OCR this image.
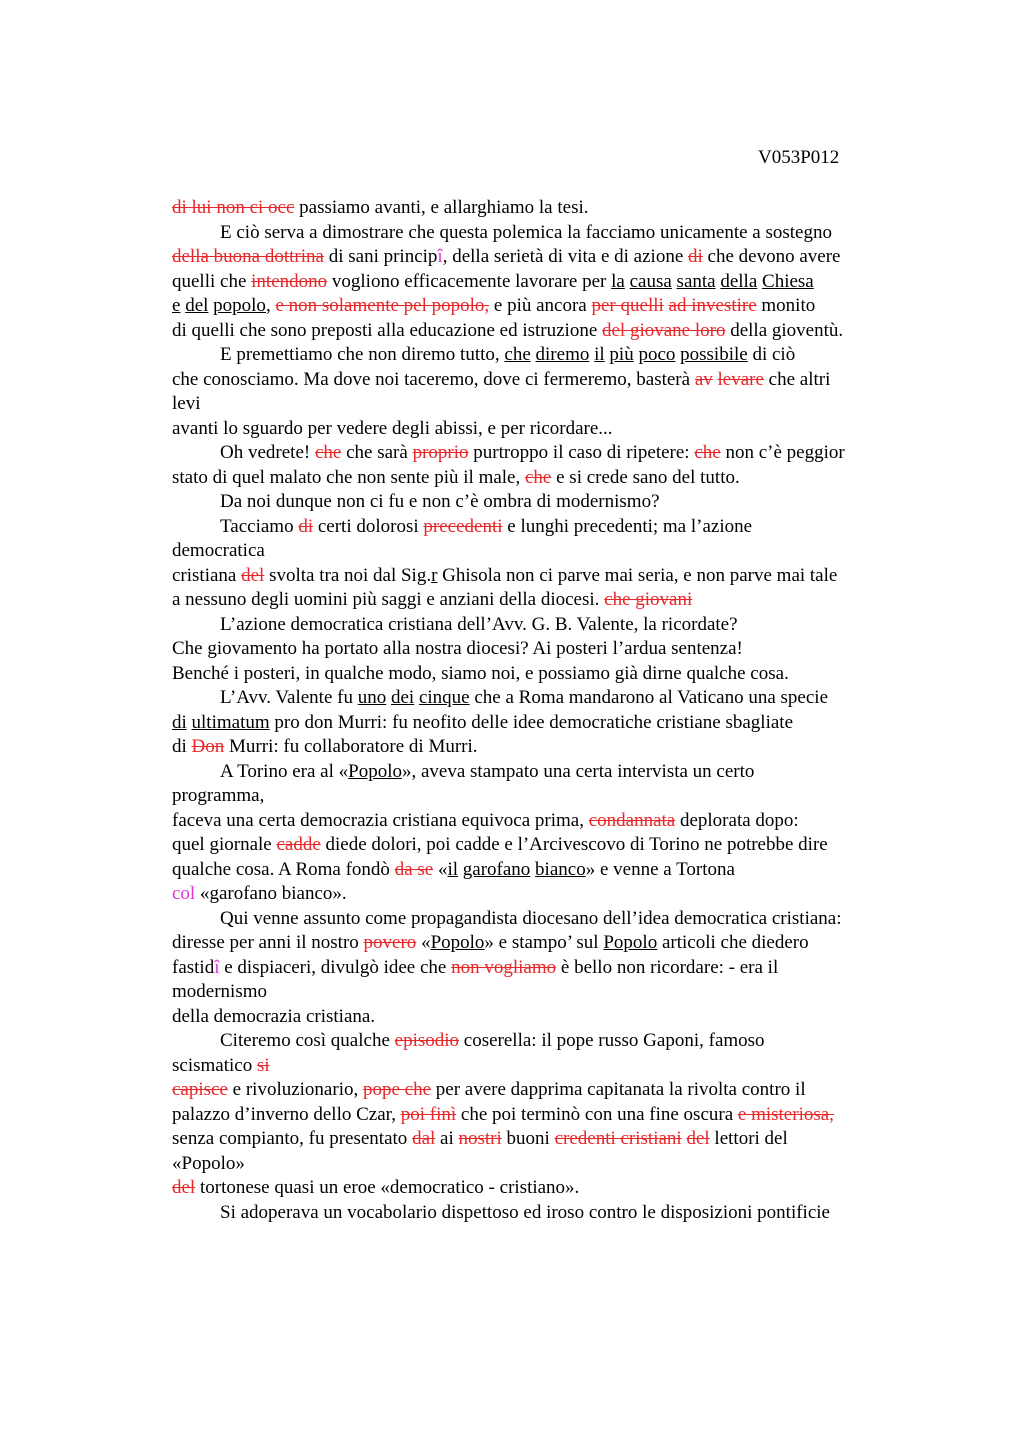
V053P012
di lui non ci occ passiamo avanti, e allarghiamo la tesi.
E ciò serva a dimostrare che questa polemica la facciamo unicamente a sostegno
della buona dottrina di sani principî, della serietà di vita e di azione di che devono avere
quelli che intendono vogliono efficacemente lavorare per la causa santa della Chiesa
e del popolo, e non solamente pel popolo, e più ancora per quelli ad investire monito
di quelli che sono preposti alla educazione ed istruzione del giovane loro della gioventù.
E premettiamo che non diremo tutto, che diremo il più poco possibile di ciò
che conosciamo. Ma dove noi taceremo, dove ci fermeremo, basterà av levare che altri
levi
avanti lo sguardo per vedere degli abissi, e per ricordare...
Oh vedrete! che che sarà proprio purtroppo il caso di ripetere: che non c’è peggior
stato di quel malato che non sente più il male, che e si crede sano del tutto.
Da noi dunque non ci fu e non c’è ombra di modernismo?
Tacciamo di certi dolorosi precedenti e lunghi precedenti; ma l’azione
democratica
cristiana del svolta tra noi dal Sig.r Ghisola non ci parve mai seria, e non parve mai tale
a nessuno degli uomini più saggi e anziani della diocesi. che giovani
L’azione democratica cristiana dell’Avv. G. B. Valente, la ricordate?
Che giovamento ha portato alla nostra diocesi? Ai posteri l’ardua sentenza!
Benché i posteri, in qualche modo, siamo noi, e possiamo già dirne qualche cosa.
L’Avv. Valente fu uno dei cinque che a Roma mandarono al Vaticano una specie
di ultimatum pro don Murri: fu neofito delle idee democratiche cristiane sbagliate
di Don Murri: fu collaboratore di Murri.
A Torino era al «Popolo», aveva stampato una certa intervista un certo
programma,
faceva una certa democrazia cristiana equivoca prima, condannata deplorata dopo:
quel giornale cadde diede dolori, poi cadde e l’Arcivescovo di Torino ne potrebbe dire
qualche cosa. A Roma fondò da se «il garofano bianco» e venne a Tortona
col «garofano bianco».
Qui venne assunto come propagandista diocesano dell’idea democratica cristiana:
diresse per anni il nostro povero «Popolo» e stampo’ sul Popolo articoli che diedero
fastidî e dispiaceri, divulgò idee che non vogliamo è bello non ricordare: - era il
modernismo
della democrazia cristiana.
Citeremo così qualche episodio coserella: il pope russo Gaponi, famoso
scismatico si
capisce e rivoluzionario, pope che per avere dapprima capitanata la rivolta contro il
palazzo d’inverno dello Czar, poi finì che poi terminò con una fine oscura e misteriosa,
senza compianto, fu presentato dal ai nostri buoni credenti cristiani del lettori del
«Popolo»
del tortonese quasi un eroe «democratico - cristiano».
Si adoperava un vocabolario dispettoso ed iroso contro le disposizioni pontificie
